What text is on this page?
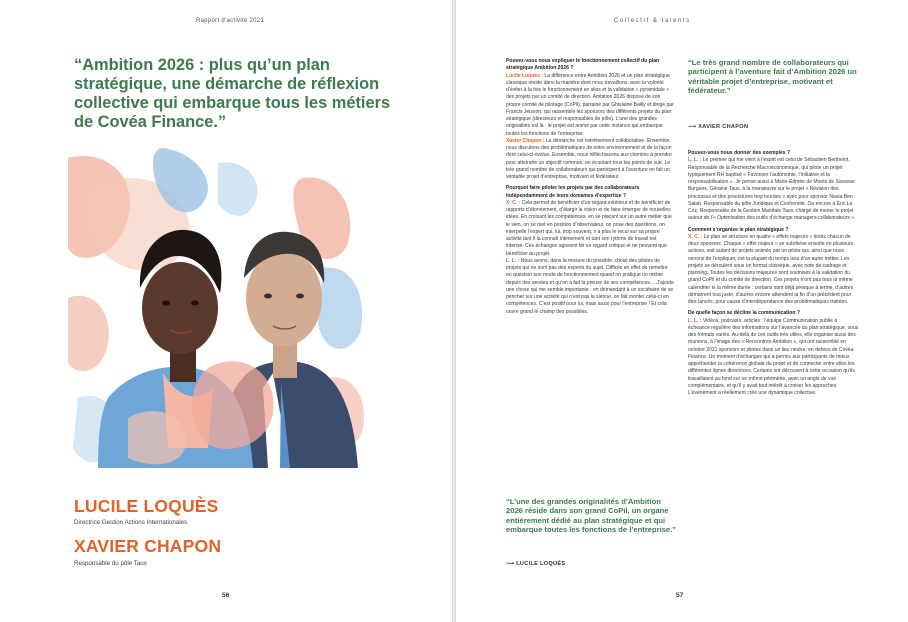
Rapport d'activité 2021
“Ambition 2026 : plus qu’un plan stratégique, une démarche de réflexion collective qui embarque tous les métiers de Covéa Finance.”
LUCILE LOQUÈS
Directrice Gestion Actions Internationales
XAVIER CHAPON
Responsable du pôle Taux
56
Collectif & talents

Pouvez-vous nous expliquer le fonctionnement collectif du plan stratégique Ambition 2026 ?

Lucile Loquès : La différence entre Ambition 2026 et un plan stratégique classique réside dans la manière dont nous travaillons, avec la volonté d’éviter à la fois le fonctionnement en silos et la validation « pyramidale » des projets par un comité de direction. Ambition 2026 dispose de son propre comité de pilotage (CoPil), parrainé par Ghislaine Bailly et dirigé par Francis Jeisson, qui rassemble les sponsors des différents projets du plan stratégique (directeurs et responsables de pôle). L’une des grandes originalités est là : le projet est animé par cette instance qui embarque toutes les fonctions de l’entreprise.

Xavier Chapon : La démarche est extrêmement collaborative. Ensemble, nous discutons des problématiques de notre environnement et de la façon dont celui-ci évolue. Ensemble, nous réfléchissons aux chemins à prendre pour atteindre un objectif commun, en écoutant tous les points de vue. Le très grand nombre de collaborateurs qui participent à l’aventure en fait un véritable projet d’entreprise, motivant et fédérateur.

Pourquoi faire piloter les projets par des collaborateurs indépendamment de leurs domaines d’expertise ?

X. C. : Cela permet de bénéficier d’un regard extérieur et de bénéficier de rapports d’étonnement, d’élargir la vision et de faire émerger de nouvelles idées. En croisant les compétences, en se plaçant sur un autre métier que le sien, on se met en position d’observateur, on pose des questions, on interpelle l’expert qui, lui, trop souvent, n’a plus le recul sur sa propre activité tant il la connaît intimement et tant son rythme de travail est intense. Ces échanges agissent tel un regard critique et ne peuvent que bénéficier au projet.

L. L. : Nous avons, dans la mesure du possible, choisi des pilotes de projets qui ne sont pas des experts du sujet. Difficile en effet de remettre en question son mode de fonctionnement quand on pratique un métier depuis des années et qu’on a fait la preuve de ses compétences… J’ajoute une chose qui me semble importante : en demandant à un sociétaire de se pencher sur une activité qui n’est pas la sienne, on fait monter celui-ci en compétences. C’est positif pour lui, mais aussi pour l’entreprise ! Et cela ouvre grand le champ des possibles.

“L’une des grandes originalités d’Ambition 2026 réside dans son grand CoPil, un organe entièrement dédié au plan stratégique et qui embarque toutes les fonctions de l’entreprise.”
⟶ LUCILE LOQUÈS
“Le très grand nombre de collaborateurs qui participent à l’aventure fait d’Ambition 2026 un véritable projet d’entreprise, motivant et fédérateur.”
⟶ XAVIER CHAPON

Pouvez-vous nous donner des exemples ?

L. L. : Le premier qui me vient à l’esprit est celui de Sébastien Berthelot, Responsable de la Recherche Macroéconomique, qui pilote un projet typiquement RH baptisé « Favoriser l’autonomie, l’initiative et la responsabilisation ». Je pense aussi à Marie-Edmée de Monts de Savasse Burgues, Géraine Taux, à la manœuvre sur le projet « Révision des processus et des procédures trop lourdes » avec pour sponsor Nasia Ben Salah, Responsable du pôle Juridique et Conformité. Ou encore à Éric Le Coz, Responsable de la Gestion Mandats Taux, chargé de mener le projet autour de l’« Optimisation des outils d’échange managers-collaborateurs ».

Comment s’organise le plan stratégique ?

X. C. : Le plan se structure en quatre « effets majeurs » dotés chacun de deux sponsors. Chaque « effet majeur » se subdivise ensuite en plusieurs actions, soit autant de projets animés par un pilote qui, ainsi que nous venons de l’expliquer, est la plupart du temps issu d’un autre métier. Les projets se déroulent sous un format classique, avec note de cadrage et planning. Toutes les décisions majeures sont soumises à la validation du grand CoPil et du comité de direction. Ces projets n’ont pas tous la même calendrier ni la même durée : certains sont déjà presque à terme, d’autres démarrent tout juste, d’autres encore attendent la fin d’un précédent pour être lancés, pour cause d’interdépendance des problématiques traitées.

De quelle façon se décline la communication ?

L. L. : Vidéos, podcasts, articles : l’équipe Communication publie à échéance régulière des informations sur l’avancée du plan stratégique, sous des formats variés. Au-delà de ces outils très utiles, elle organise aussi des réunions, à l’image des « Rencontres Ambition », qui ont rassemblé en octobre 2021 sponsors et pilotes dans un lieu neutre, en dehors de Covéa Finance. Un moment d’échanges qui a permis aux participants de mieux appréhender la cohérence globale du projet et de connecter entre elles les différentes lignes directrices. Certains ont découvert à cette occasion qu’ils travaillaient au fond sur un même périmètre, avec un angle de vue complémentaire, et qu’il y avait tout intérêt à croiser les approches. L’événement a réellement créé une dynamique collective.

57
